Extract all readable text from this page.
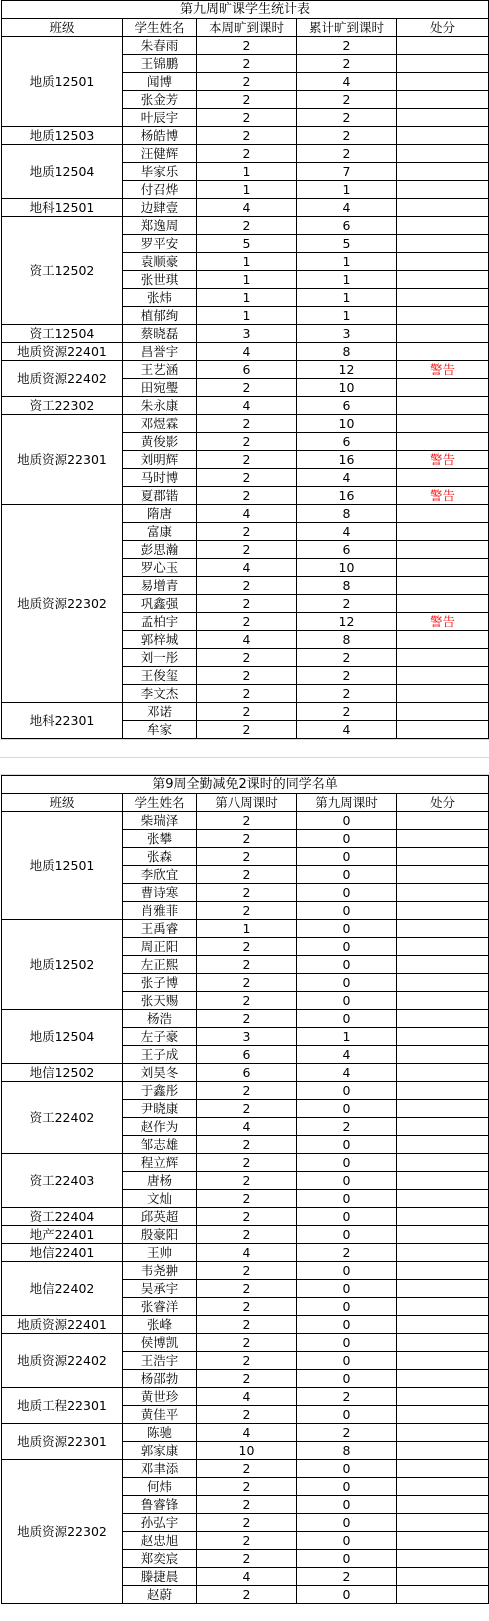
第九周旷课学生统计表				
班级	学生姓名	本周旷到课时	累计旷到课时	处分
地质12501	朱春雨	2	2	
	王锦鹏	2	2	
	闻博	2	4	
	张金芳	2	2	
	叶辰宇	2	2	
地质12503	杨皓博	2	2	
地质12504	汪健辉	2	2	
	毕家乐	1	7	
	付召烨	1	1	
地科12501	边肆壹	4	4	
资工12502	郑逸周	2	6	
	罗平安	5	5	
	袁顺豪	1	1	
	张世琪	1	1	
	张炜	1	1	
	植郁绚	1	1	
资工12504	蔡晓磊	3	3	
地质资源22401	昌誉宇	4	8	
地质资源22402	王艺涵	6	12	警告
	田宛璺	2	10	
资工22302	朱永康	4	6	
地质资源22301	邓煜霖	2	10	
	黄俊影	2	6	
	刘明辉	2	16	警告
	马时博	2	4	
	夏郡锴	2	16	警告
地质资源22302	隋唐	4	8	
	富康	2	4	
	彭思瀚	2	6	
	罗心玉	4	10	
	易增青	2	8	
	巩鑫强	2	2	
	孟柏宇	2	12	警告
	郭梓城	4	8	
	刘一彤	2	2	
	王俊玺	2	2	
	李文杰	2	2	
地科22301	邓诺	2	2	
	牟家	2	4	
第9周全勤减免2课时的同学名单				
班级	学生姓名	第八周课时	第九周课时	处分
地质12501	柴瑞泽	2	0	
	张攀	2	0	
	张森	2	0	
	李欣宜	2	0	
	曹诗寒	2	0	
	肖雅菲	2	0	
地质12502	王禹睿	1	0	
	周正阳	2	0	
	左正熙	2	0	
	张子博	2	0	
	张天赐	2	0	
地质12504	杨浩	2	0	
	左子豪	3	1	
	王子成	6	4	
地信12502	刘昊冬	6	4	
资工22402	于鑫彤	2	0	
	尹晓康	2	0	
	赵作为	4	2	
	邹志雄	2	0	
资工22403	程立辉	2	0	
	唐杨	2	0	
	文灿	2	0	
资工22404	邱英超	2	0	
地产22401	殷豪阳	2	0	
地信22401	王帅	4	2	
地信22402	韦尧翀	2	0	
	吴承宇	2	0	
	张睿洋	2	0	
地质资源22401	张峰	2	0	
地质资源22402	侯博凯	2	0	
	王浩宇	2	0	
	杨邵勃	2	0	
地质工程22301	黄世珍	4	2	
	黄佳平	2	0	
地质资源22301	陈驰	4	2	
	郭家康	10	8	
地质资源22302	邓聿添	2	0	
	何炜	2	0	
	鲁睿锋	2	0	
	孙弘宇	2	0	
	赵忠旭	2	0	
	郑奕宸	2	0	
	滕捷晨	4	2	
	赵蔚	2	0	
